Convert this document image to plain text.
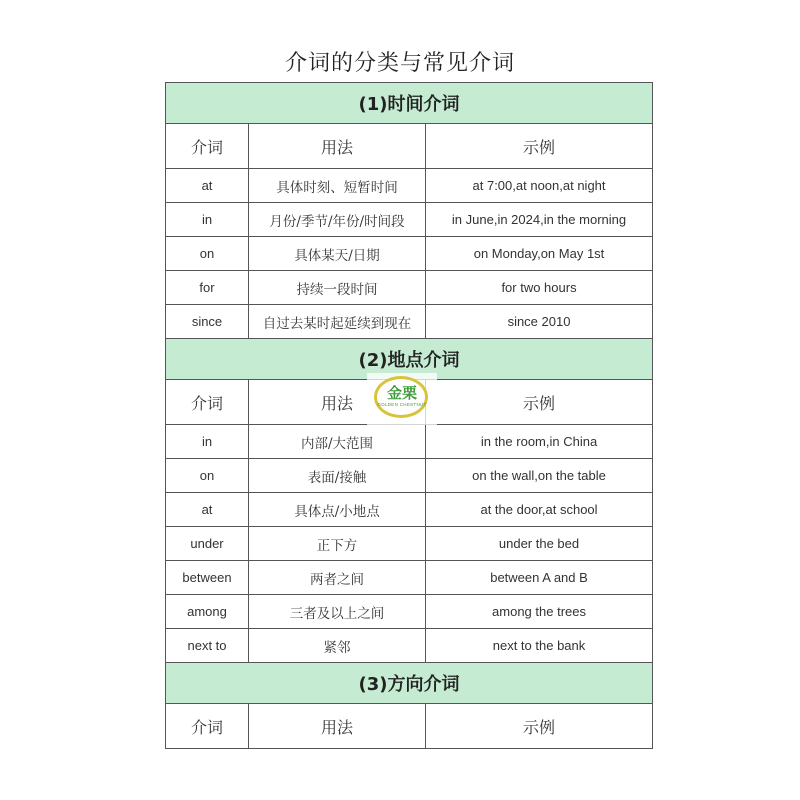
介词的分类与常见介词
(1)时间介词		
介词	用法	示例
at	具体时刻、短暂时间	at 7:00,at noon,at night
in	月份/季节/年份/时间段	in June,in 2024,in the morning
on	具体某天/日期	on Monday,on May 1st
for	持续一段时间	for two hours
since	自过去某时起延续到现在	since 2010
(2)地点介词		
介词	用法	示例
in	内部/大范围	in the room,in China
on	表面/接触	on the wall,on the table
at	具体点/小地点	at the door,at school
under	正下方	under the bed
between	两者之间	between A and B
among	三者及以上之间	among the trees
next to	紧邻	next to the bank
(3)方向介词		
介词	用法	示例
金栗
GOLDEN CHESTNUT
